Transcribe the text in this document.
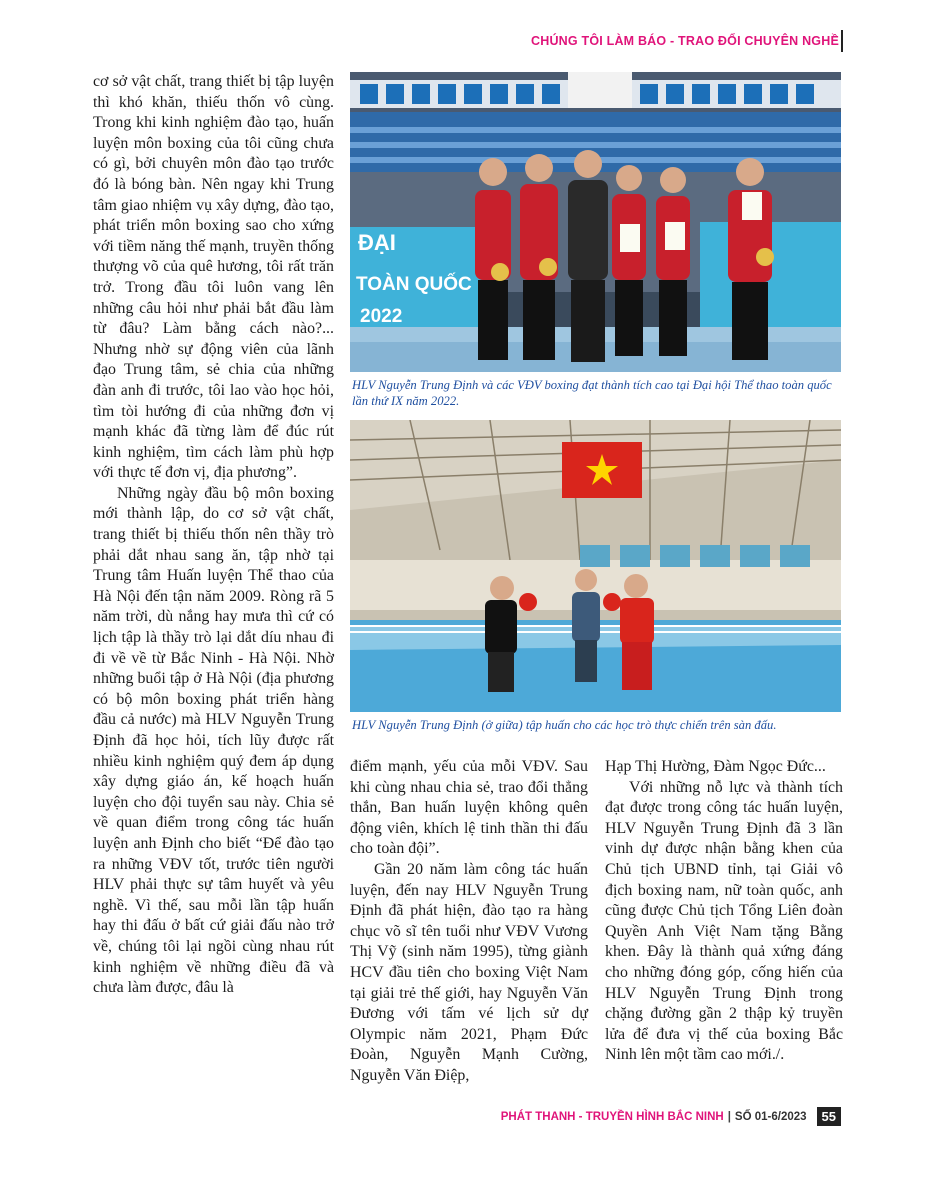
CHÚNG TÔI LÀM BÁO - TRAO ĐỔI CHUYÊN NGHỀ

cơ sở vật chất, trang thiết bị tập luyện thì khó khăn, thiếu thốn vô cùng. Trong khi kinh nghiệm đào tạo, huấn luyện môn boxing của tôi cũng chưa có gì, bởi chuyên môn đào tạo trước đó là bóng bàn. Nên ngay khi Trung tâm giao nhiệm vụ xây dựng, đào tạo, phát triển môn boxing sao cho xứng với tiềm năng thế mạnh, truyền thống thượng võ của quê hương, tôi rất trăn trở. Trong đầu tôi luôn vang lên những câu hỏi như phải bắt đầu làm từ đâu? Làm bằng cách nào?... Nhưng nhờ sự động viên của lãnh đạo Trung tâm, sẻ chia của những đàn anh đi trước, tôi lao vào học hỏi, tìm tòi hướng đi của những đơn vị mạnh khác đã từng làm để đúc rút kinh nghiệm, tìm cách làm phù hợp với thực tế đơn vị, địa phương”.

Những ngày đầu bộ môn boxing mới thành lập, do cơ sở vật chất, trang thiết bị thiếu thốn nên thầy trò phải dắt nhau sang ăn, tập nhờ tại Trung tâm Huấn luyện Thể thao của Hà Nội đến tận năm 2009. Ròng rã 5 năm trời, dù nắng hay mưa thì cứ có lịch tập là thầy trò lại dắt díu nhau đi đi về về từ Bắc Ninh - Hà Nội. Nhờ những buổi tập ở Hà Nội (địa phương có bộ môn boxing phát triển hàng đầu cả nước) mà HLV Nguyễn Trung Định đã học hỏi, tích lũy được rất nhiều kinh nghiệm quý đem áp dụng xây dựng giáo án, kế hoạch huấn luyện cho đội tuyển sau này. Chia sẻ về quan điểm trong công tác huấn luyện anh Định cho biết “Để đào tạo ra những VĐV tốt, trước tiên người HLV phải thực sự tâm huyết và yêu nghề. Vì thế, sau mỗi lần tập huấn hay thi đấu ở bất cứ giải đấu nào trở về, chúng tôi lại ngồi cùng nhau rút kinh nghiệm về những điều đã và chưa làm được, đâu là

TOÀN QUỐC
2022
ĐẠI
HLV Nguyễn Trung Định và các VĐV boxing đạt thành tích cao tại Đại hội Thể thao toàn quốc lần thứ IX năm 2022.
HLV Nguyễn Trung Định (ở giữa) tập huấn cho các học trò thực chiến trên sàn đấu.

điểm mạnh, yếu của mỗi VĐV. Sau khi cùng nhau chia sẻ, trao đổi thẳng thắn, Ban huấn luyện không quên động viên, khích lệ tinh thần thi đấu cho toàn đội”.

Gần 20 năm làm công tác huấn luyện, đến nay HLV Nguyễn Trung Định đã phát hiện, đào tạo ra hàng chục võ sĩ tên tuổi như VĐV Vương Thị Vỹ (sinh năm 1995), từng giành HCV đầu tiên cho boxing Việt Nam tại giải trẻ thế giới, hay Nguyễn Văn Đương với tấm vé lịch sử dự Olympic năm 2021, Phạm Đức Đoàn, Nguyễn Mạnh Cường, Nguyễn Văn Điệp,

Hạp Thị Hường, Đàm Ngọc Đức...

Với những nỗ lực và thành tích đạt được trong công tác huấn luyện, HLV Nguyễn Trung Định đã 3 lần vinh dự được nhận bằng khen của Chủ tịch UBND tỉnh, tại Giải vô địch boxing nam, nữ toàn quốc, anh cũng được Chủ tịch Tổng Liên đoàn Quyền Anh Việt Nam tặng Bằng khen. Đây là thành quả xứng đáng cho những đóng góp, cống hiến của HLV Nguyễn Trung Định trong chặng đường gần 2 thập kỷ truyền lửa để đưa vị thế của boxing Bắc Ninh lên một tầm cao mới./.

PHÁT THANH - TRUYỀN HÌNH BẮC NINH | SỐ 01-6/2023	55
